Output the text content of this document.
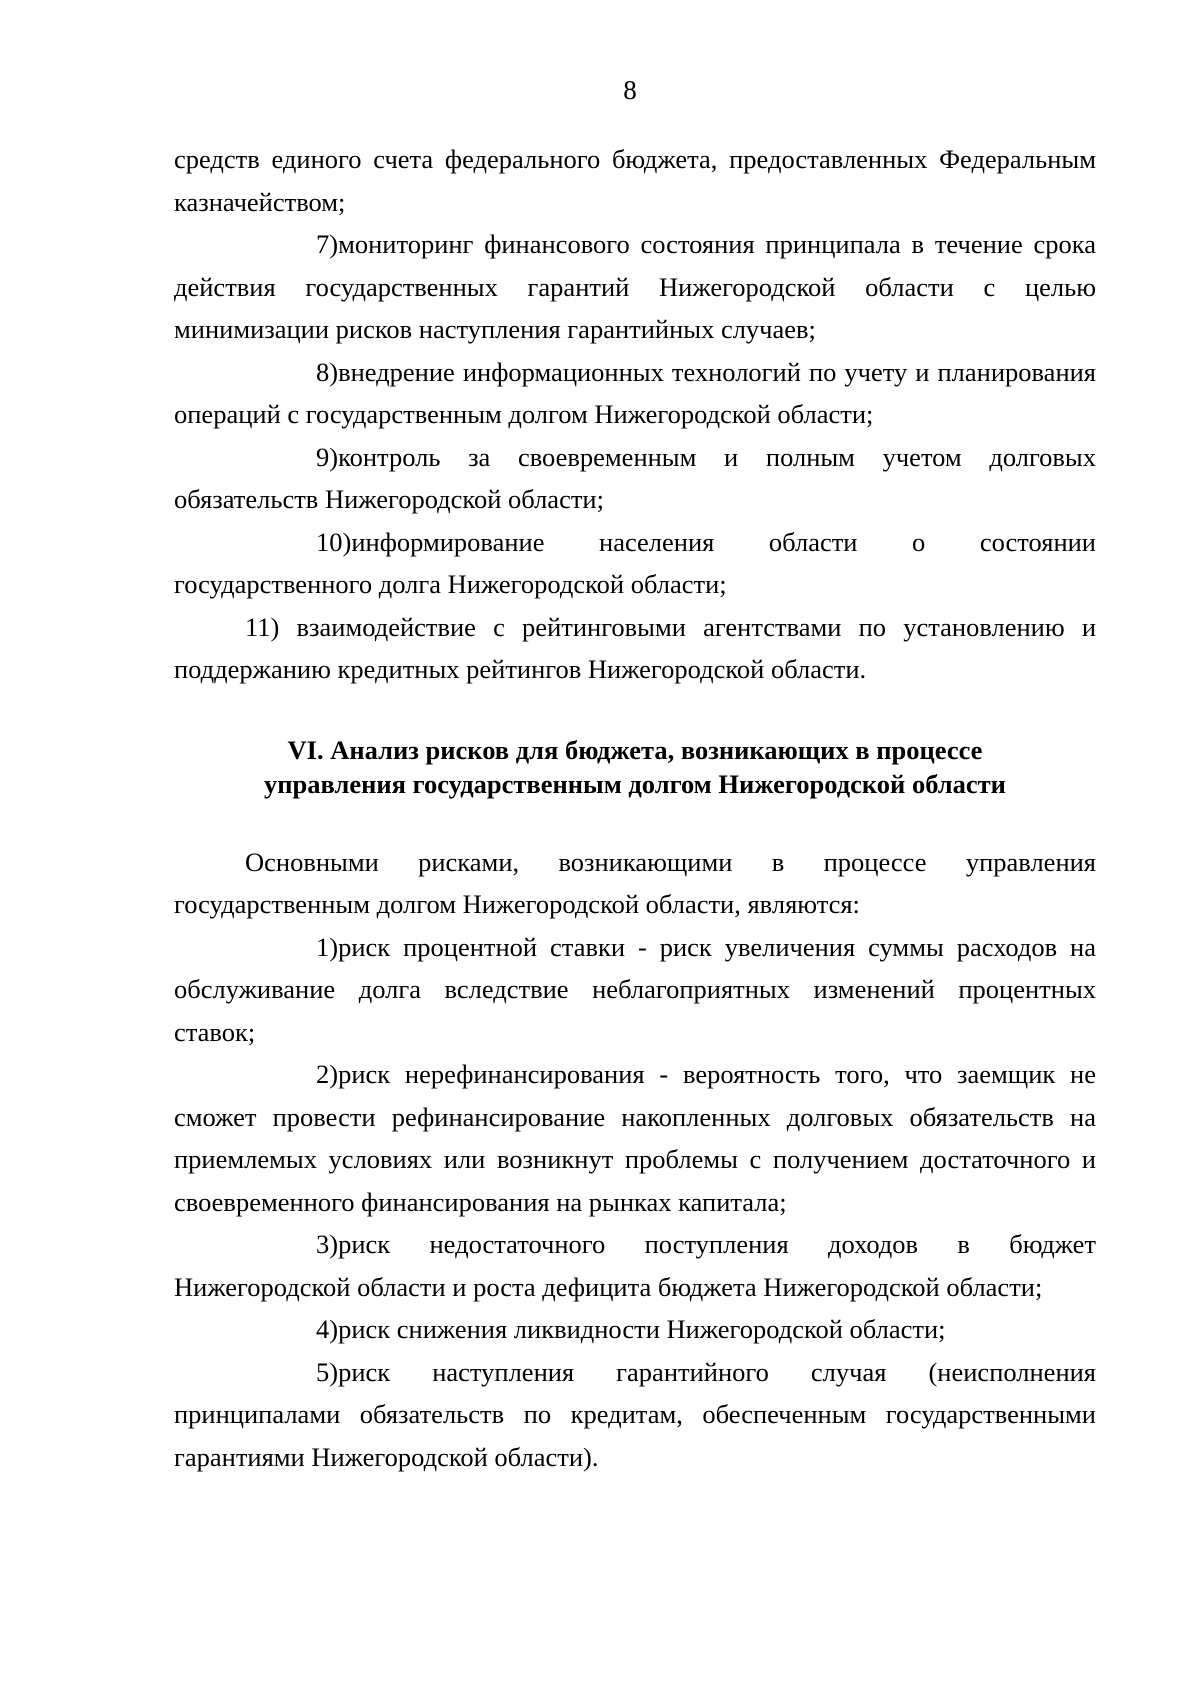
8

средств единого счета федерального бюджета, предоставленных Федеральным казначейством;

7)мониторинг финансового состояния принципала в течение срока действия государственных гарантий Нижегородской области с целью минимизации рисков наступления гарантийных случаев;

8)внедрение информационных технологий по учету и планирования операций с государственным долгом Нижегородской области;

9)контроль за своевременным и полным учетом долговых обязательств Нижегородской области;

10)информирование населения области о состоянии государственного долга Нижегородской области;

11) взаимодействие с рейтинговыми агентствами по установлению и поддержанию кредитных рейтингов Нижегородской области.

VI. Анализ рисков для бюджета, возникающих в процессе
управления государственным долгом Нижегородской области

Основными рисками, возникающими в процессе управления государственным долгом Нижегородской области, являются:

1)риск процентной ставки - риск увеличения суммы расходов на обслуживание долга вследствие неблагоприятных изменений процентных ставок;

2)риск нерефинансирования - вероятность того, что заемщик не сможет провести рефинансирование накопленных долговых обязательств на приемлемых условиях или возникнут проблемы с получением достаточного и своевременного финансирования на рынках капитала;

3)риск недостаточного поступления доходов в бюджет Нижегородской области и роста дефицита бюджета Нижегородской области;

4)риск снижения ликвидности Нижегородской области;

5)риск наступления гарантийного случая (неисполнения принципалами обязательств по кредитам, обеспеченным государственными гарантиями Нижегородской области).
